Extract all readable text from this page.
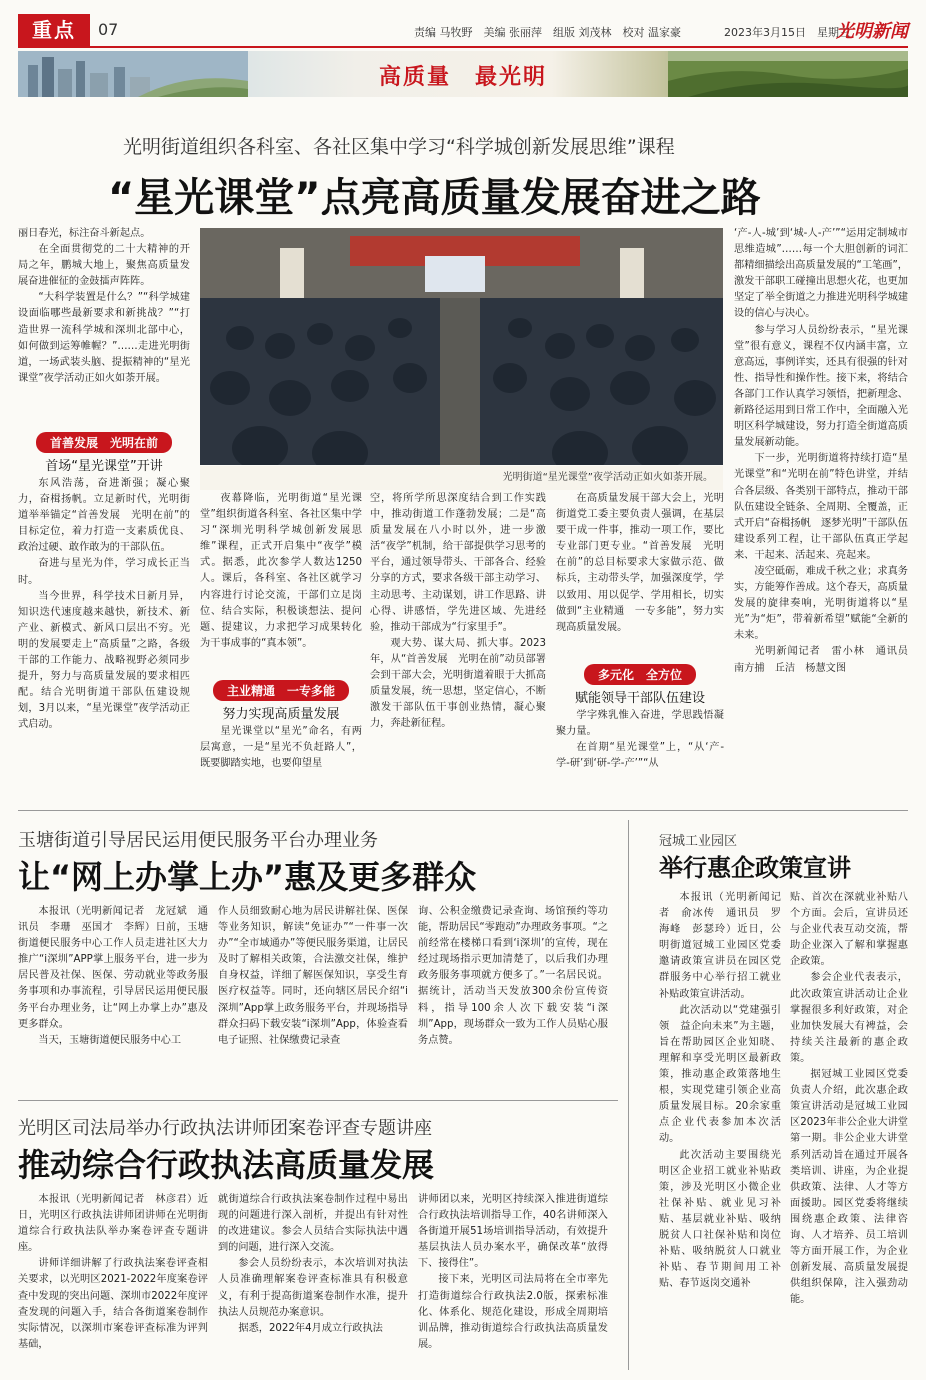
重点	07	责编 马牧野　美编 张丽萍　组版 刘茂林　校对 温家豪	2023年3月15日　星期三
光明新闻
高质量　最光明
光明街道组织各科室、各社区集中学习“科学城创新发展思维”课程
“星光课堂”点亮高质量发展奋进之路

丽日春光，标注奋斗新起点。

在全面贯彻党的二十大精神的开局之年，鹏城大地上，聚焦高质量发展奋进催征的金鼓擂声阵阵。

“大科学装置是什么？”“科学城建设面临哪些最新要求和新挑战？”“打造世界一流科学城和深圳北部中心，如何做到运筹帷幄？”……走进光明街道，一场武装头脑、提振精神的“星光课堂”夜学活动正如火如荼开展。

首善发展　光明在前
首场“星光课堂”开讲

东风浩荡，奋进渐强；凝心聚力，奋楫扬帆。立足新时代，光明街道举举锚定“首善发展　光明在前”的目标定位，着力打造一支素质优良、政治过硬、敢作敢为的干部队伍。

奋进与星光为伴，学习成长正当时。

当今世界，科学技术日新月异，知识迭代速度越来越快，新技术、新产业、新模式、新风口层出不穷。光明的发展要走上“高质量”之路，各级干部的工作能力、战略视野必须同步提升，努力与高质量发展的要求相匹配。结合光明街道干部队伍建设规划，3月以来，“星光课堂”夜学活动正式启动。

光明街道“星光课堂”夜学活动正如火如荼开展。

夜幕降临，光明街道“星光课堂”组织街道各科室、各社区集中学习“深圳光明科学城创新发展思维”课程，正式开启集中“夜学”模式。据悉，此次参学人数达1250人。课后，各科室、各社区就学习内容进行讨论交流，干部们立足岗位、结合实际，积极谈想法、提问题、提建议，力求把学习成果转化为干事成事的“真本领”。

主业精通　一专多能
努力实现高质量发展

星光课堂以“星光”命名，有两层寓意，一是“星光不负赶路人”，既要脚踏实地，也要仰望星

空，将所学所思深度结合到工作实践中，推动街道工作蓬勃发展；二是“高质量发展在八小时以外，进一步激活“夜学”机制，给干部提供学习思考的平台，通过领导带头、干部各合、经验分享的方式，要求各级干部主动学习、主动思考、主动谋划，讲工作思路、讲心得、讲感悟，学先进区域、先进经验，推动干部成为“行家里手”。

观大势、谋大局、抓大事。2023年，从“首善发展　光明在前”动员部署会到干部大会，光明街道着眼于大抓高质量发展，统一思想，坚定信心，不断激发干部队伍干事创业热情，凝心聚力，奔赴新征程。

在高质量发展干部大会上，光明街道党工委主要负责人强调，在基层要干成一件事，推动一项工作，要比专业部门更专业。“首善发展　光明在前”的总目标要求大家做示范、做标兵，主动带头学，加强深度学，学以致用、用以促学、学用相长，切实做到“主业精通　一专多能”，努力实现高质量发展。

多元化　全方位
赋能领导干部队伍建设

学字殊乳惟入奋进，学思践悟凝聚力量。

在首期“星光课堂”上，“从‘产-学-研’到‘研-学-产’”“从

‘产-人-城’到‘城-人-产’”“运用定制城市思维造城”……每一个大胆创新的词汇都精细描绘出高质量发展的“工笔画”，激发干部职工碰撞出思想火花，也更加坚定了举全街道之力推进光明科学城建设的信心与决心。

参与学习人员纷纷表示，“星光课堂”很有意义，课程不仅内涵丰富，立意高远，事例详实，还具有很强的针对性、指导性和操作性。接下来，将结合各部门工作认真学习领悟，把新理念、新路径运用到日常工作中，全面融入光明区科学城建设，努力打造全街道高质量发展新动能。

下一步，光明街道将持续打造“星光课堂”和“光明在前”特色讲堂，并结合各层级、各类别干部特点，推动干部队伍建设全链条、全周期、全覆盖，正式开启“奋楫扬帆　逐梦光明”干部队伍建设系列工程，让干部队伍真正学起来、干起来、活起来、亮起来。

凌空砥砺，难成千秋之业；求真务实，方能筹作善成。这个春天，高质量发展的旋律奏响，光明街道将以“星光”为“炬”，带着新希望”赋能“全新的未来。

光明新闻记者　雷小林　通讯员　南方捕　丘洁　杨慧文图

玉塘街道引导居民运用便民服务平台办理业务
让“网上办掌上办”惠及更多群众

本报讯（光明新闻记者　龙冠斌　通讯员　李珊　巫国才　李辉）日前，玉塘街道便民服务中心工作人员走进社区大力推广“i深圳”APP掌上服务平台，进一步为居民普及社保、医保、劳动就业等政务服务事项和办事流程，引导居民运用便民服务平台办理业务，让“网上办掌上办”惠及更多群众。

当天，玉塘街道便民服务中心工

作人员细致耐心地为居民讲解社保、医保等业务知识，解读“免证办”“一件事一次办”“全市域通办”等便民服务渠道，让居民及时了解相关政策，合法激交社保，维护自身权益，详细了解医保知识，享受生育医疗权益等。同时，还向辖区居民介绍“i深圳”App掌上政务服务平台，并现场指导群众扫码下载安装“i深圳”App，体验查看电子证照、社保缴费记录查

询、公积金缴费记录查询、场馆预约等功能，帮助居民“零跑动”办理政务事项。“之前经常在楼梯口看到‘i深圳’的宣传，现在经过现场指示更加清楚了，以后我们办理政务服务事项就方便多了。”一名居民说。据统计，活动当天发放300余份宣传资料，指导100余人次下载安装“i深圳”App，现场群众一致为工作人员贴心服务点赞。

光明区司法局举办行政执法讲师团案卷评查专题讲座
推动综合行政执法高质量发展

本报讯（光明新闻记者　林彦君）近日，光明区行政执法讲师团讲师在光明街道综合行政执法队举办案卷评查专题讲座。

讲师详细讲解了行政执法案卷评查相关要求，以光明区2021-2022年度案卷评查中发现的突出问题、深圳市2022年度评查发现的问题入手，结合各街道案卷制作实际情况，以深圳市案卷评查标准为评判基础，

就街道综合行政执法案卷制作过程中易出现的问题进行深入剖析，并提出有针对性的改进建议。参会人员结合实际执法中遇到的问题，进行深入交流。

参会人员纷纷表示，本次培训对执法人员准确理解案卷评查标准具有积极意义，有利于提高街道案卷制作水准，提升执法人员规范办案意识。

据悉，2022年4月成立行政执法

讲师团以来，光明区持续深入推进街道综合行政执法培训指导工作，40名讲师深入各街道开展51场培训指导活动，有效提升基层执法人员办案水平，确保改革“放得下、接得住”。

接下来，光明区司法局将在全市率先打造街道综合行政执法2.0版，探索标准化、体系化、规范化建设，形成全周期培训品牌，推动街道综合行政执法高质量发展。

冠城工业园区
举行惠企政策宣讲

本报讯（光明新闻记者　俞冰传　通讯员　罗海峰　彭瑟玲）近日，公明街道冠城工业园区党委邀请政策宣讲员在园区党群服务中心举行招工就业补贴政策宣讲活动。

此次活动以“党建强引领　益企向未来”为主题，旨在帮助园区企业知晓、理解和享受光明区最新政策，推动惠企政策落地生根，实现党建引领企业高质量发展目标。20余家重点企业代表参加本次活动。

此次活动主要围绕光明区企业招工就业补贴政策，涉及光明区小微企业社保补贴、就业见习补贴、基层就业补贴、吸纳脱贫人口社保补贴和岗位补贴、吸纳脱贫人口就业补贴、春节期间用工补贴、春节返岗交通补

贴、首次在深就业补贴八个方面。会后，宣讲员还与企业代表互动交流，帮助企业深入了解和掌握惠企政策。

参会企业代表表示，此次政策宣讲活动让企业掌握很多利好政策，对企业加快发展大有裨益，会持续关注最新的惠企政策。

据冠城工业园区党委负责人介绍，此次惠企政策宣讲活动是冠城工业园区2023年非公企业大讲堂第一期。非公企业大讲堂系列活动旨在通过开展各类培训、讲座，为企业提供政策、法律、人才等方面援助。园区党委将继续围绕惠企政策、法律咨询、人才培养、员工培训等方面开展工作，为企业创新发展、高质量发展提供组织保障，注入强劲动能。
